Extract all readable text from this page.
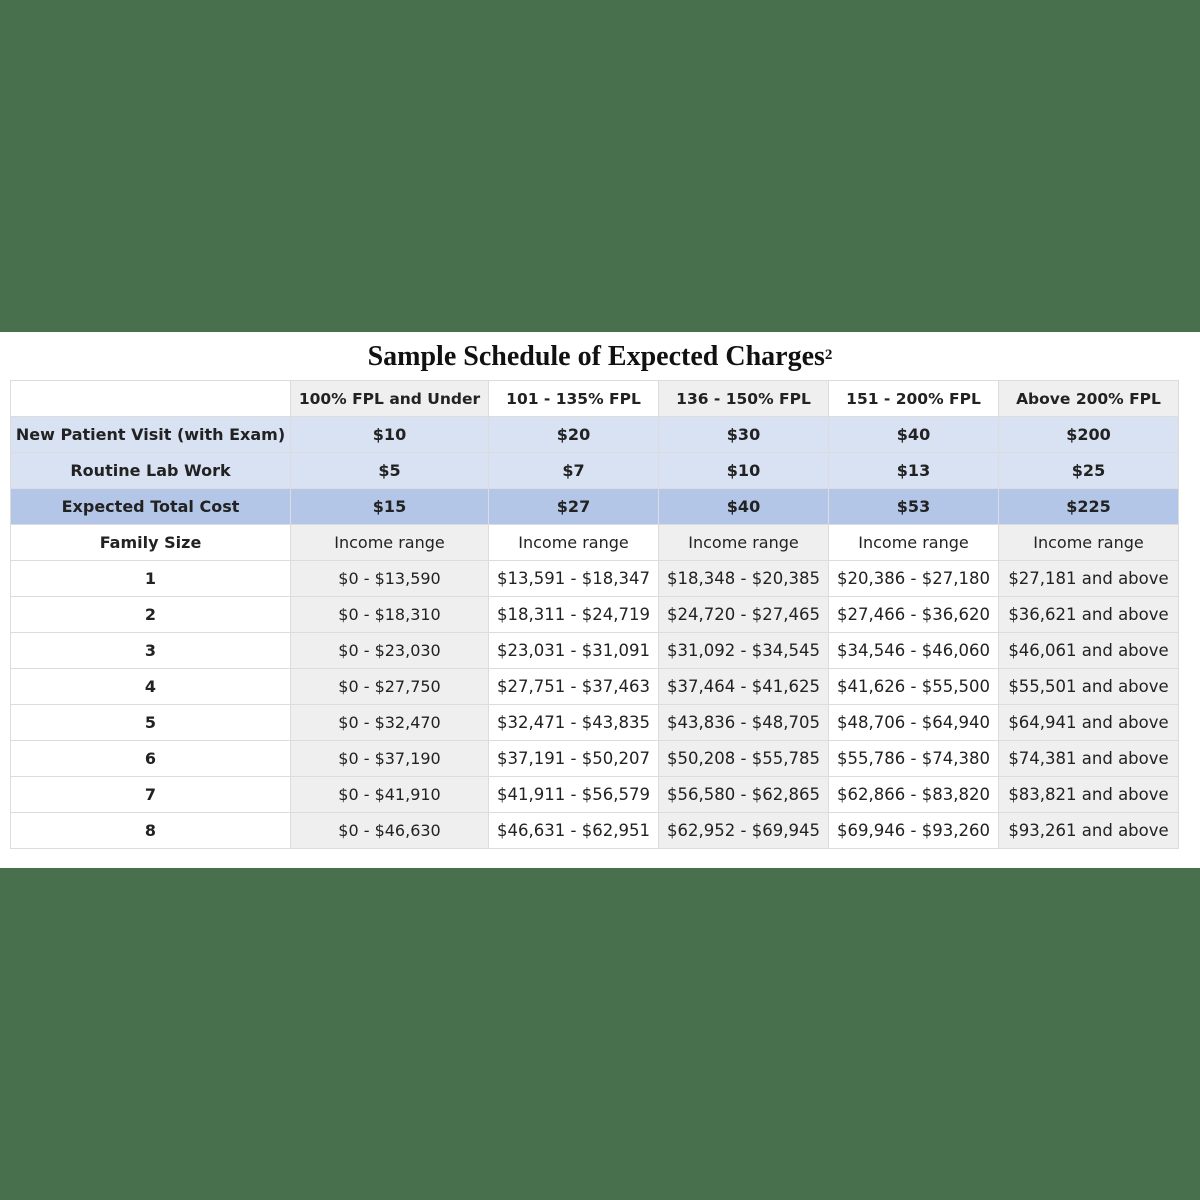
Sample Schedule of Expected Charges$^2$
	100% FPL and Under	101 - 135% FPL	136 - 150% FPL	151 - 200% FPL	Above 200% FPL
New Patient Visit (with Exam)	$10	$20	$30	$40	$200
Routine Lab Work	$5	$7	$10	$13	$25
Expected Total Cost	$15	$27	$40	$53	$225
Family Size	Income range	Income range	Income range	Income range	Income range
1	$0 - $13,590	$13,591 - $18,347	$18,348 - $20,385	$20,386 - $27,180	$27,181 and above
2	$0 - $18,310	$18,311 - $24,719	$24,720 - $27,465	$27,466 - $36,620	$36,621 and above
3	$0 - $23,030	$23,031 - $31,091	$31,092 - $34,545	$34,546 - $46,060	$46,061 and above
4	$0 - $27,750	$27,751 - $37,463	$37,464 - $41,625	$41,626 - $55,500	$55,501 and above
5	$0 - $32,470	$32,471 - $43,835	$43,836 - $48,705	$48,706 - $64,940	$64,941 and above
6	$0 - $37,190	$37,191 - $50,207	$50,208 - $55,785	$55,786 - $74,380	$74,381 and above
7	$0 - $41,910	$41,911 - $56,579	$56,580 - $62,865	$62,866 - $83,820	$83,821 and above
8	$0 - $46,630	$46,631 - $62,951	$62,952 - $69,945	$69,946 - $93,260	$93,261 and above
